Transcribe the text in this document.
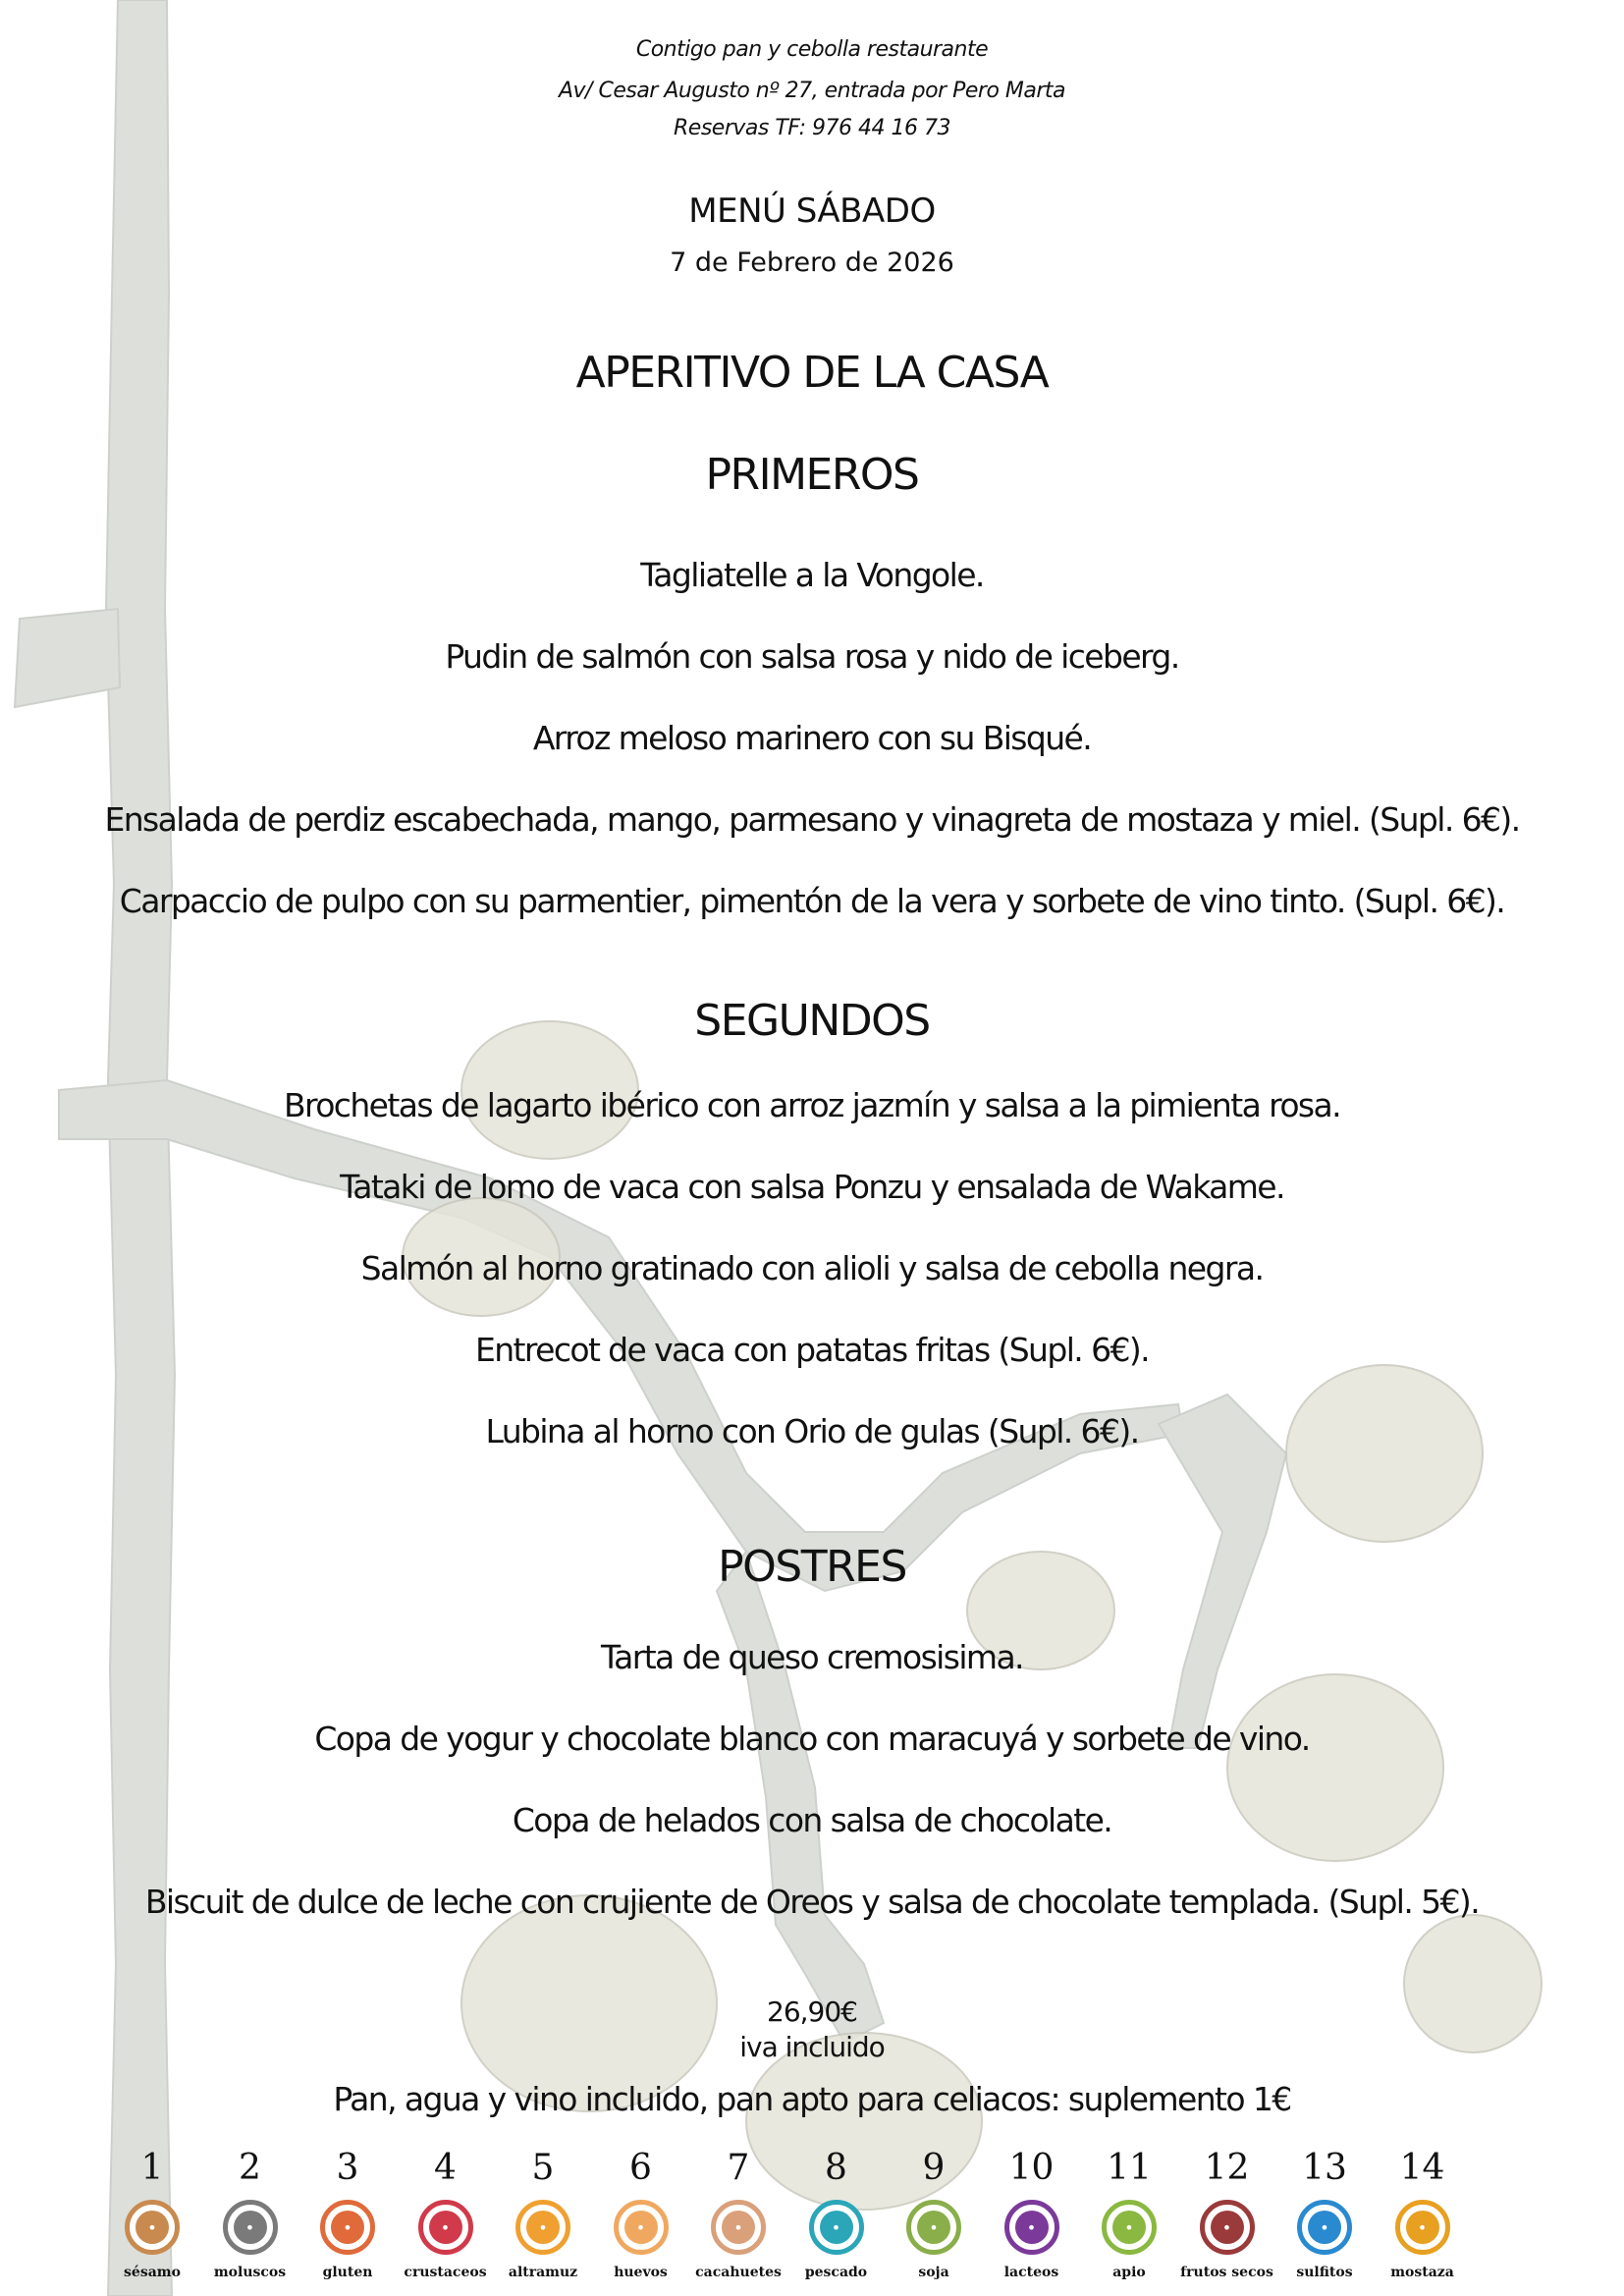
Contigo pan y cebolla restaurante
Av/ Cesar Augusto nº 27, entrada por Pero Marta
Reservas TF: 976 44 16 73
MENÚ SÁBADO
7 de Febrero de 2026
APERITIVO DE LA CASA
PRIMEROS
Tagliatelle a la Vongole.
Pudin de salmón con salsa rosa y nido de iceberg.
Arroz meloso marinero con su Bisqué.
Ensalada de perdiz escabechada, mango, parmesano y vinagreta de mostaza y miel. (Supl. 6€).
Carpaccio de pulpo con su parmentier, pimentón de la vera y sorbete de vino tinto. (Supl. 6€).
SEGUNDOS
Brochetas de lagarto ibérico con arroz jazmín y salsa a la pimienta rosa.
Tataki de lomo de vaca con salsa Ponzu y ensalada de Wakame.
Salmón al horno gratinado con alioli y salsa de cebolla negra.
Entrecot de vaca con patatas fritas (Supl. 6€).
Lubina al horno con Orio de gulas (Supl. 6€).
POSTRES
Tarta de queso cremosisima.
Copa de yogur y chocolate blanco con maracuyá y sorbete de vino.
Copa de helados con salsa de chocolate.
Biscuit de dulce de leche con crujiente de Oreos y salsa de chocolate templada. (Supl. 5€).
26,90€
iva incluido
Pan, agua y vino incluido, pan apto para celiacos: suplemento 1€
1
•
sésamo
2
•
moluscos
3
•
gluten
4
•
crustaceos
5
•
altramuz
6
•
huevos
7
•
cacahuetes
8
•
pescado
9
•
soja
10
•
lacteos
11
•
apio
12
•
frutos secos
13
•
sulfitos
14
•
mostaza
